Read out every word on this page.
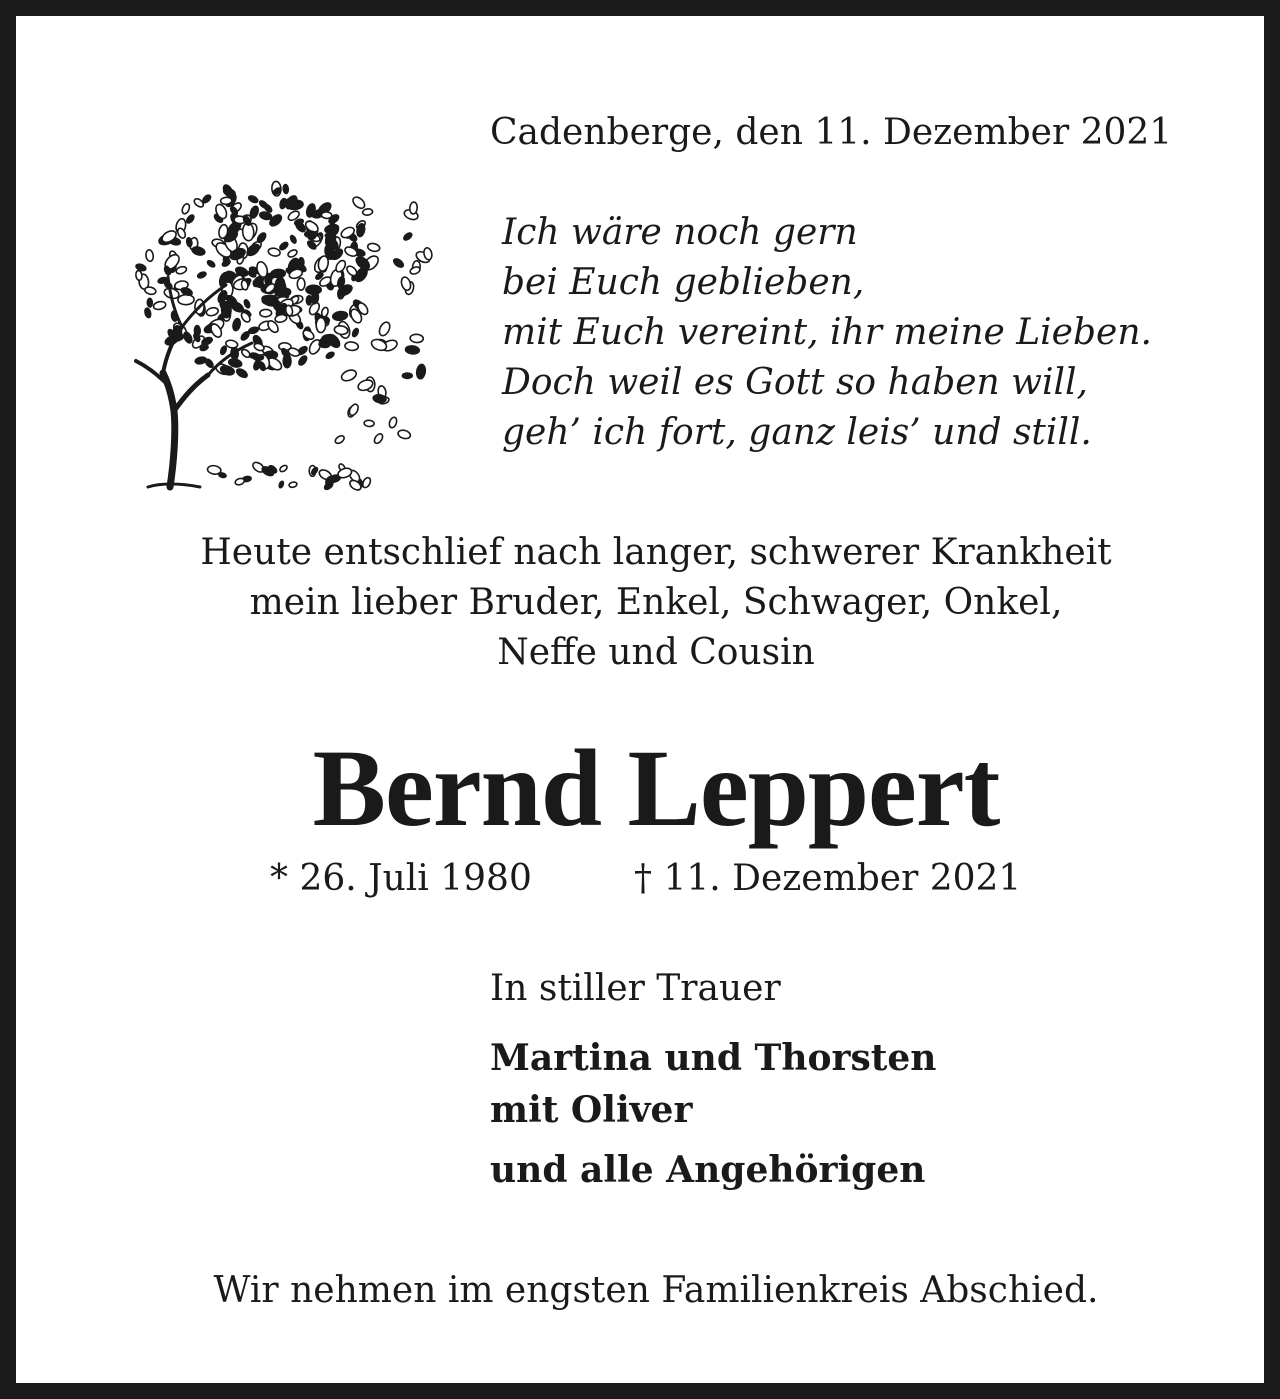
Cadenberge, den 11. Dezember 2021
Ich wäre noch gern
bei Euch geblieben,
mit Euch vereint, ihr meine Lieben.
Doch weil es Gott so haben will,
geh’ ich fort, ganz leis’ und still.
Heute entschlief nach langer, schwerer Krankheit
mein lieber Bruder, Enkel, Schwager, Onkel,
Neffe und Cousin
Bernd Leppert
* 26. Juli 1980	† 11. Dezember 2021
In stiller Trauer
Martina und Thorsten
mit Oliver
und alle Angehörigen
Wir nehmen im engsten Familienkreis Abschied.
